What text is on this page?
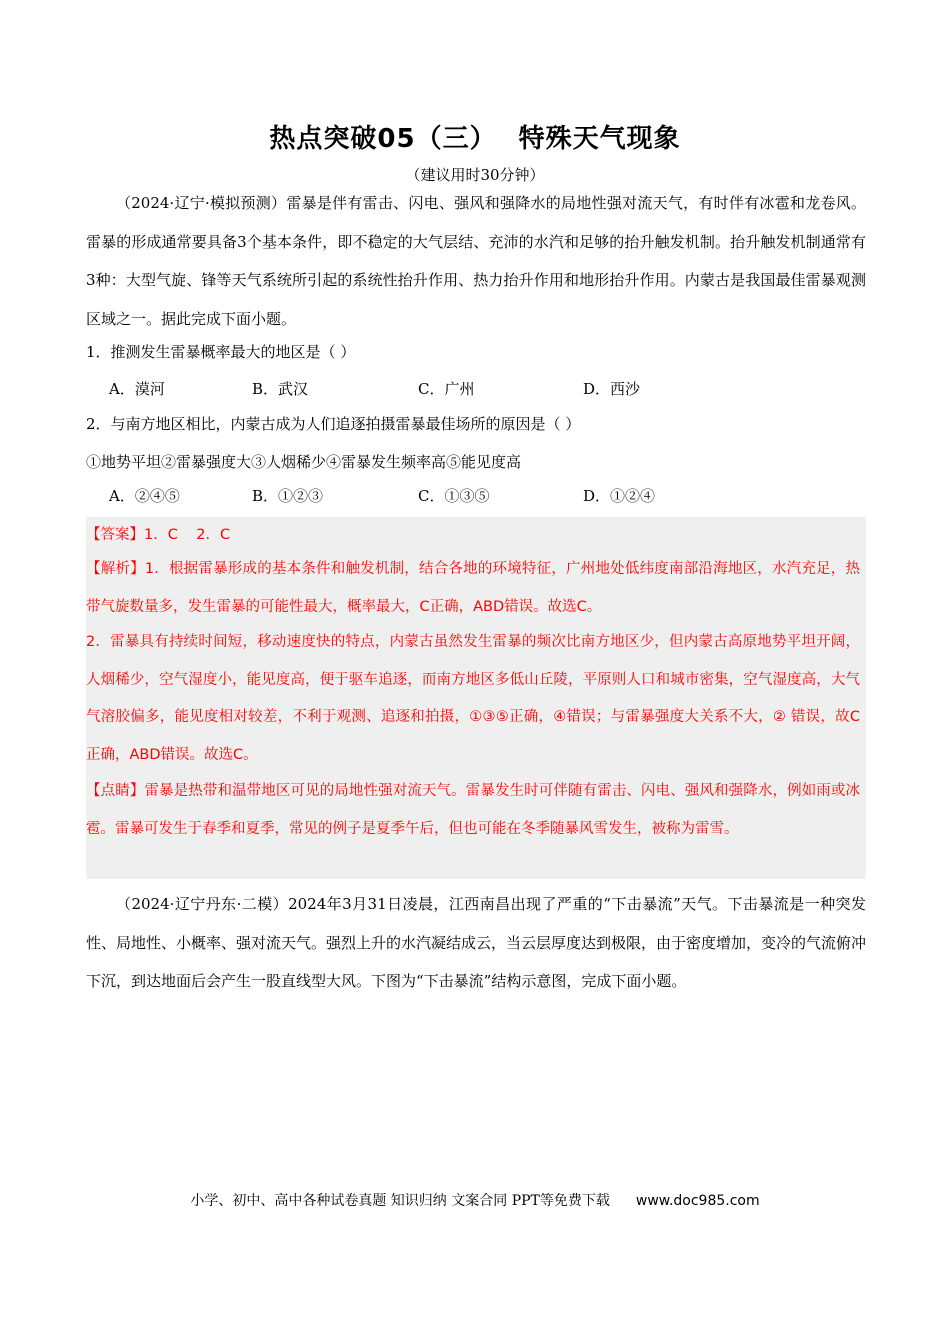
热点突破05（三） 特殊天气现象
（建议用时30分钟）

（2024·辽宁·模拟预测）雷暴是伴有雷击、闪电、强风和强降水的局地性强对流天气，有时伴有冰雹和龙卷风。雷暴的形成通常要具备3个基本条件，即不稳定的大气层结、充沛的水汽和足够的抬升触发机制。抬升触发机制通常有3种：大型气旋、锋等天气系统所引起的系统性抬升作用、热力抬升作用和地形抬升作用。内蒙古是我国最佳雷暴观测区域之一。据此完成下面小题。

1．推测发生雷暴概率最大的地区是（ ）
A．漠河	B．武汉	C．广州	D．西沙
2．与南方地区相比，内蒙古成为人们追逐拍摄雷暴最佳场所的原因是（ ）
①地势平坦②雷暴强度大③人烟稀少④雷暴发生频率高⑤能见度高
A．②④⑤	B．①②③	C．①③⑤	D．①②④

【答案】1．C    2．C

【解析】1．根据雷暴形成的基本条件和触发机制，结合各地的环境特征，广州地处低纬度南部沿海地区，水汽充足，热带气旋数量多，发生雷暴的可能性最大，概率最大，C正确，ABD错误。故选C。

2．雷暴具有持续时间短，移动速度快的特点，内蒙古虽然发生雷暴的频次比南方地区少，但内蒙古高原地势平坦开阔，人烟稀少，空气湿度小，能见度高，便于驱车追逐，而南方地区多低山丘陵，平原则人口和城市密集，空气湿度高，大气气溶胶偏多，能见度相对较差，不利于观测、追逐和拍摄，①③⑤正确，④错误；与雷暴强度大关系不大，② 错误，故C正确，ABD错误。故选C。

【点睛】雷暴是热带和温带地区可见的局地性强对流天气。雷暴发生时可伴随有雷击、闪电、强风和强降水，例如雨或冰雹。雷暴可发生于春季和夏季，常见的例子是夏季午后，但也可能在冬季随暴风雪发生，被称为雷雪。

（2024·辽宁丹东·二模）2024年3月31日凌晨，江西南昌出现了严重的“下击暴流”天气。下击暴流是一种突发性、局地性、小概率、强对流天气。强烈上升的水汽凝结成云，当云层厚度达到极限，由于密度增加，变冷的气流俯冲下沉，到达地面后会产生一股直线型大风。下图为“下击暴流”结构示意图，完成下面小题。

小学、初中、高中各种试卷真题 知识归纳 文案合同 PPT等免费下载 www.doc985.com
